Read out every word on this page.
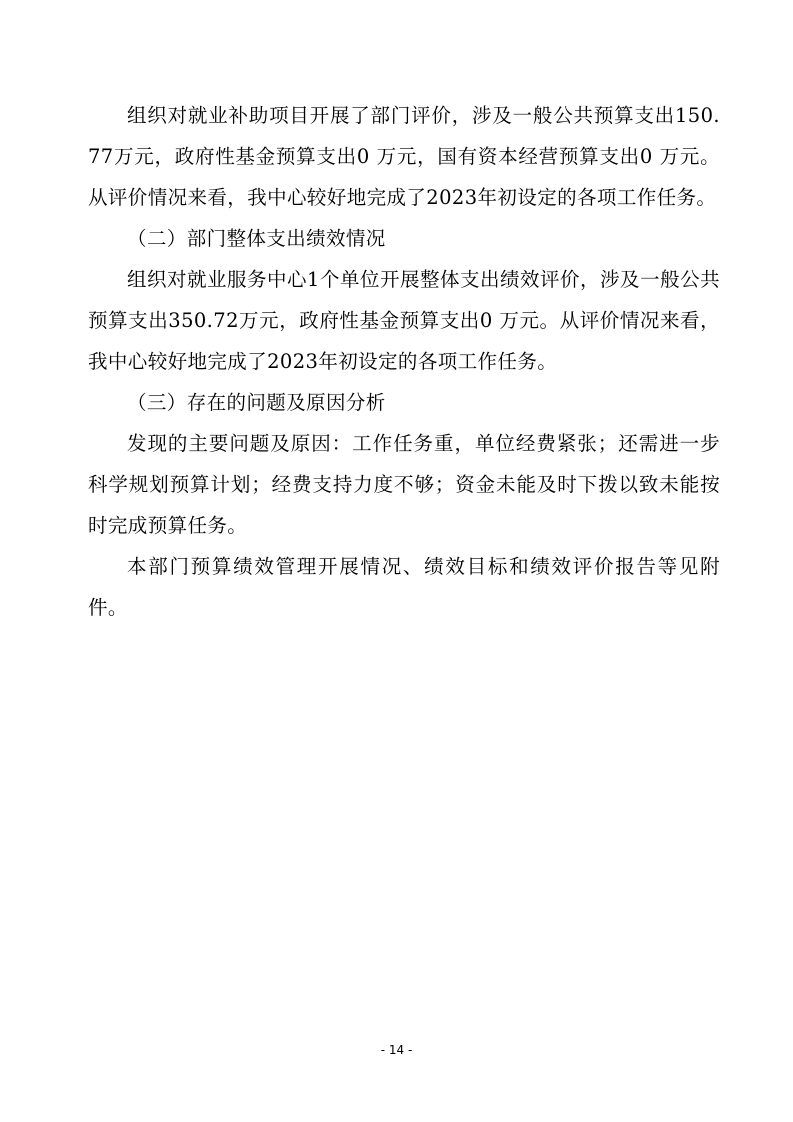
组织对就业补助项目开展了部门评价，涉及一般公共预算支出150.77万元，政府性基金预算支出0 万元，国有资本经营预算支出0 万元。从评价情况来看，我中心较好地完成了2023年初设定的各项工作任务。

（二）部门整体支出绩效情况

组织对就业服务中心1个单位开展整体支出绩效评价，涉及一般公共预算支出350.72万元，政府性基金预算支出0 万元。从评价情况来看，我中心较好地完成了2023年初设定的各项工作任务。

（三）存在的问题及原因分析

发现的主要问题及原因：工作任务重，单位经费紧张；还需进一步科学规划预算计划；经费支持力度不够；资金未能及时下拨以致未能按时完成预算任务。

本部门预算绩效管理开展情况、绩效目标和绩效评价报告等见附件。

- 14 -
